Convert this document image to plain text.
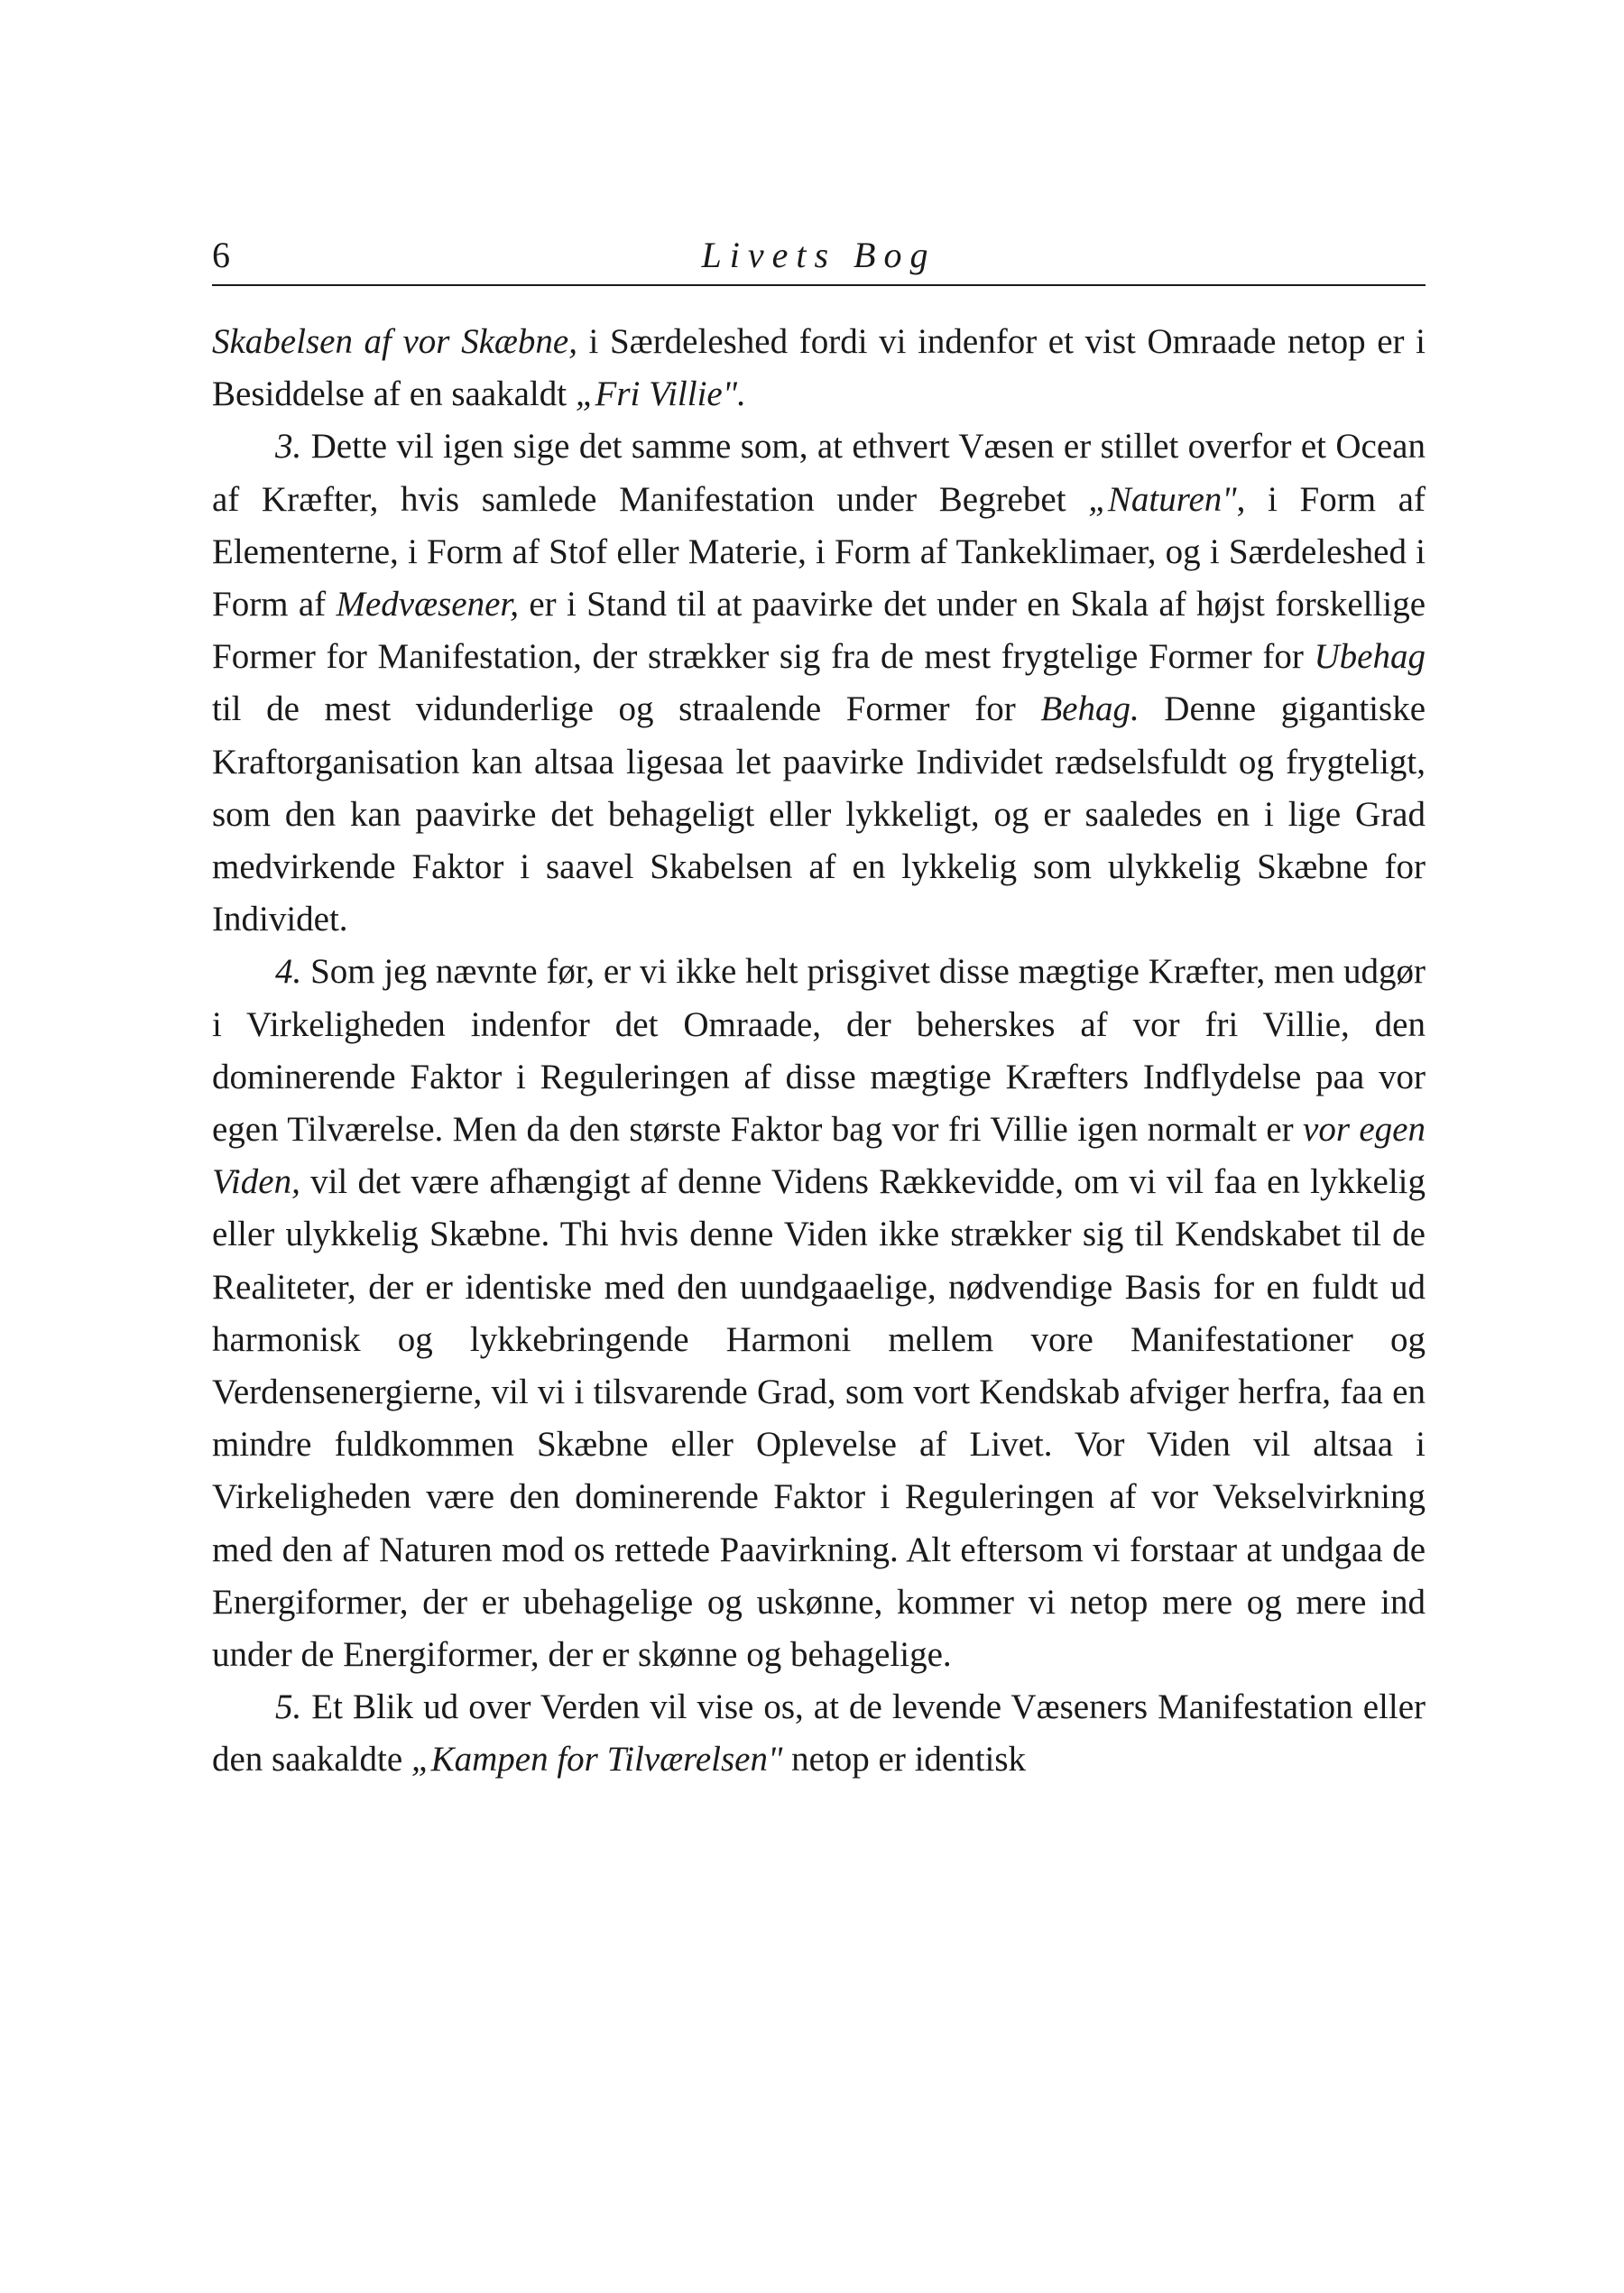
6	Livets Bog

Skabelsen af vor Skæbne, i Særdeleshed fordi vi indenfor et vist Omraade netop er i Besiddelse af en saakaldt „Fri Villie".

3. Dette vil igen sige det samme som, at ethvert Væsen er stillet overfor et Ocean af Kræfter, hvis samlede Manifestation under Begrebet „Naturen", i Form af Elementerne, i Form af Stof eller Materie, i Form af Tankeklimaer, og i Særdeleshed i Form af Medvæsener, er i Stand til at paavirke det under en Skala af højst forskellige Former for Manifestation, der strækker sig fra de mest frygtelige Former for Ubehag til de mest vidunderlige og straalende Former for Behag. Denne gigantiske Kraftorganisation kan altsaa ligesaa let paavirke Individet rædselsfuldt og frygteligt, som den kan paavirke det behageligt eller lykkeligt, og er saaledes en i lige Grad medvirkende Faktor i saavel Skabelsen af en lykkelig som ulykkelig Skæbne for Individet.

4. Som jeg nævnte før, er vi ikke helt prisgivet disse mægtige Kræfter, men udgør i Virkeligheden indenfor det Omraade, der beherskes af vor fri Villie, den dominerende Faktor i Reguleringen af disse mægtige Kræfters Indflydelse paa vor egen Tilværelse. Men da den største Faktor bag vor fri Villie igen normalt er vor egen Viden, vil det være afhængigt af denne Videns Rækkevidde, om vi vil faa en lykkelig eller ulykkelig Skæbne. Thi hvis denne Viden ikke strækker sig til Kendskabet til de Realiteter, der er identiske med den uundgaaelige, nødvendige Basis for en fuldt ud harmonisk og lykkebringende Harmoni mellem vore Manifestationer og Verdensenergierne, vil vi i tilsvarende Grad, som vort Kendskab afviger herfra, faa en mindre fuldkommen Skæbne eller Oplevelse af Livet. Vor Viden vil altsaa i Virkeligheden være den dominerende Faktor i Reguleringen af vor Vekselvirkning med den af Naturen mod os rettede Paavirkning. Alt eftersom vi forstaar at undgaa de Energiformer, der er ubehagelige og uskønne, kommer vi netop mere og mere ind under de Energiformer, der er skønne og behagelige.

5. Et Blik ud over Verden vil vise os, at de levende Væseners Manifestation eller den saakaldte „Kampen for Tilværelsen" netop er identisk
